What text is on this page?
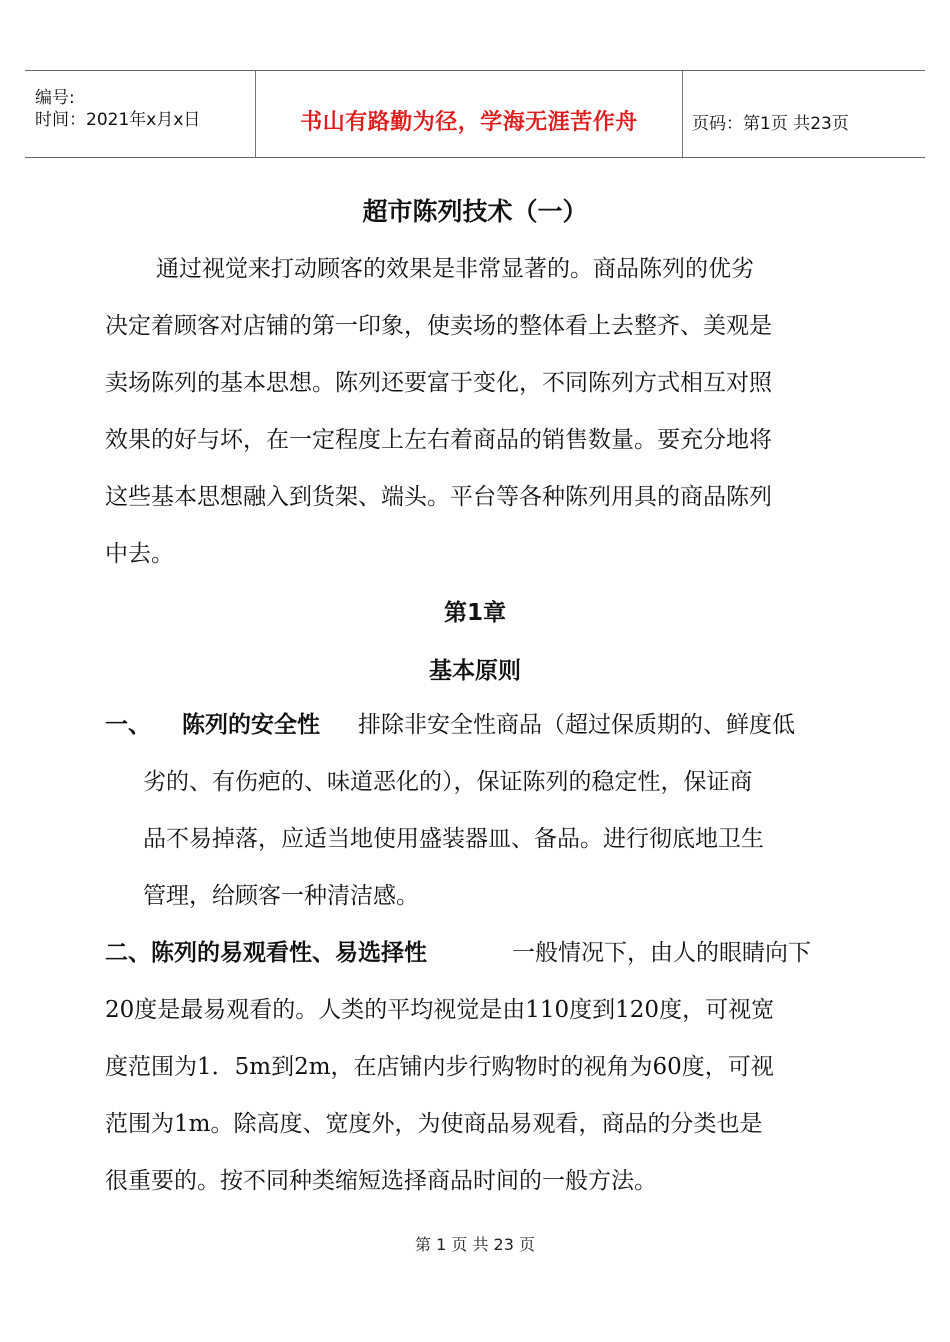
编号:
时间：2021年x月x日	书山有路勤为径，学海无涯苦作舟	页码：第1页 共23页
超市陈列技术（一）
通过视觉来打动顾客的效果是非常显著的。商品陈列的优劣
决定着顾客对店铺的第一印象，使卖场的整体看上去整齐、美观是
卖场陈列的基本思想。陈列还要富于变化，不同陈列方式相互对照
效果的好与坏，在一定程度上左右着商品的销售数量。要充分地将
这些基本思想融入到货架、端头。平台等各种陈列用具的商品陈列
中去。
第1章
基本原则
一、 陈列的安全性 排除非安全性商品（超过保质期的、鲜度低
劣的、有伤疤的、味道恶化的），保证陈列的稳定性，保证商
品不易掉落，应适当地使用盛装器皿、备品。进行彻底地卫生
管理，给顾客一种清洁感。
二、陈列的易观看性、易选择性	一般情况下，由人的眼睛向下
20度是最易观看的。人类的平均视觉是由110度到120度，可视宽
度范围为1．5m到2m，在店铺内步行购物时的视角为60度，可视
范围为1m。除高度、宽度外，为使商品易观看，商品的分类也是
很重要的。按不同种类缩短选择商品时间的一般方法。
第 1 页 共 23 页
